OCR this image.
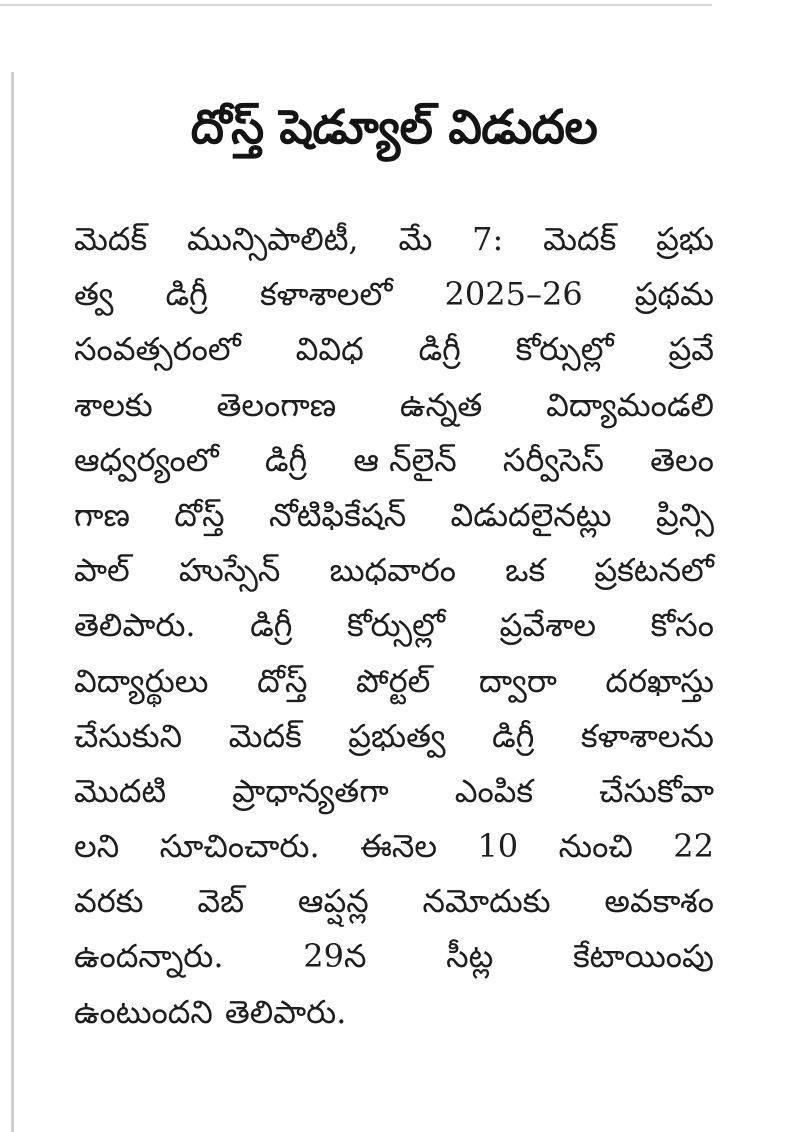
దోస్త్ షెడ్యూల్ విడుదల
మెదక్ మున్సిపాలిటీ, మే 7: మెదక్ ప్రభు
త్వ డిగ్రీ కళాశాలలో 2025–26 ప్రథమ
సంవత్సరంలో వివిధ డిగ్రీ కోర్సుల్లో ప్రవే
శాలకు తెలంగాణ ఉన్నత విద్యామండలి
ఆధ్వర్యంలో డిగ్రీ ఆ న్‌లైన్ సర్వీసెస్ తెలం
గాణ దోస్త్ నోటిఫికేషన్ విడుదలైనట్లు ప్రిన్సి
పాల్ హుస్సేన్ బుధవారం ఒక ప్రకటనలో
తెలిపారు. డిగ్రీ కోర్సుల్లో ప్రవేశాల కోసం
విద్యార్థులు దోస్త్ పోర్టల్ ద్వారా దరఖాస్తు
చేసుకుని మెదక్ ప్రభుత్వ డిగ్రీ కళాశాలను
మొదటి ప్రాధాన్యతగా ఎంపిక చేసుకోవా
లని సూచించారు. ఈనెల 10 నుంచి 22
వరకు వెబ్ ఆప్షన్ల నమోదుకు అవకాశం
ఉందన్నారు. 29న సీట్ల కేటాయింపు
ఉంటుందని తెలిపారు.
